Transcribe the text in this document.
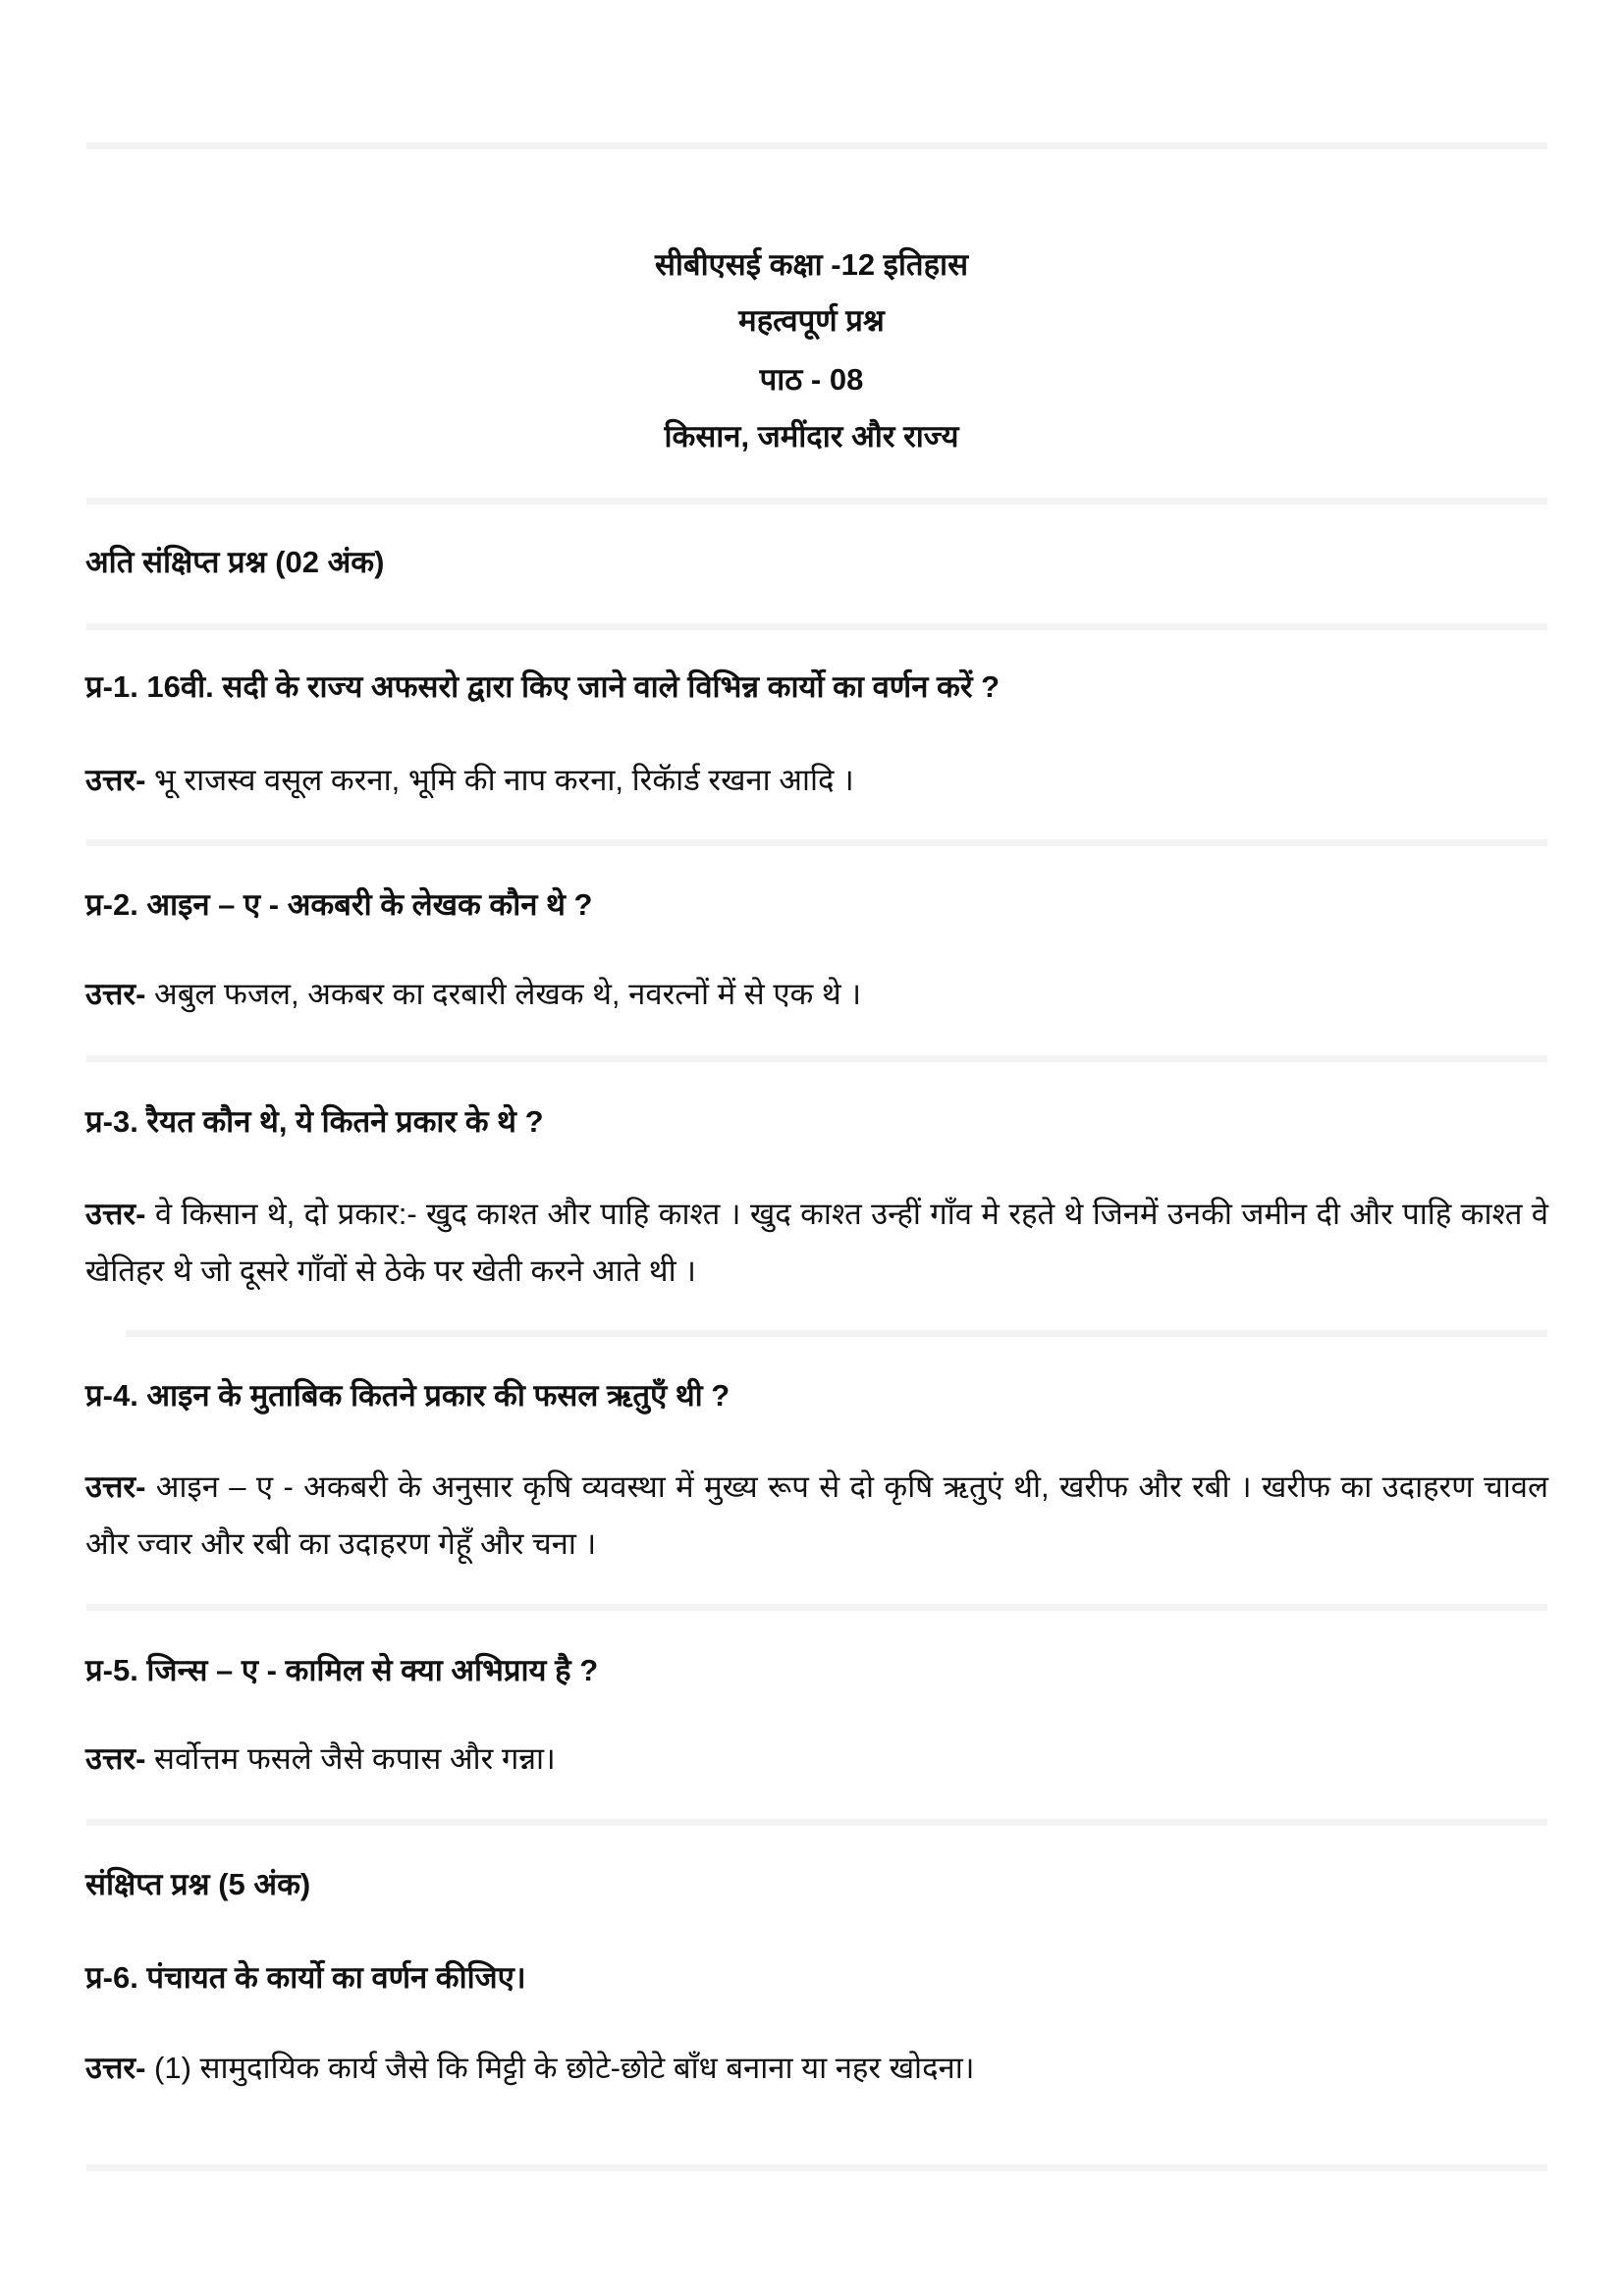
सीबीएसई कक्षा -12 इतिहास
महत्वपूर्ण प्रश्न
पाठ - 08
किसान, जमींदार और राज्य
अति संक्षिप्त प्रश्न (02 अंक)
प्र-1. 16वी. सदी के राज्य अफसरो द्वारा किए जाने वाले विभिन्न कार्यो का वर्णन करें ?
उत्तर- भू राजस्व वसूल करना, भूमि की नाप करना, रिकॅार्ड रखना आदि ।
प्र-2. आइन – ए - अकबरी के लेखक कौन थे ?
उत्तर- अबुल फजल, अकबर का दरबारी लेखक थे, नवरत्नों में से एक थे ।
प्र-3. रैयत कौन थे, ये कितने प्रकार के थे ?
उत्तर- वे किसान थे, दो प्रकार:- खुद काश्त और पाहि काश्त । खुद काश्त उन्हीं गाँव मे रहते थे जिनमें उनकी जमीन दी और पाहि काश्त वे खेतिहर थे जो दूसरे गाँवों से ठेके पर खेती करने आते थी ।
प्र-4. आइन के मुताबिक कितने प्रकार की फसल ऋतुएँ थी ?
उत्तर- आइन – ए - अकबरी के अनुसार कृषि व्यवस्था में मुख्य रूप से दो कृषि ऋतुएं थी, खरीफ और रबी । खरीफ का उदाहरण चावल और ज्वार और रबी का उदाहरण गेहूँ और चना ।
प्र-5. जिन्स – ए - कामिल से क्या अभिप्राय है ?
उत्तर- सर्वोत्तम फसले जैसे कपास और गन्ना।
संक्षिप्त प्रश्न (5 अंक)
प्र-6. पंचायत के कार्यो का वर्णन कीजिए।
उत्तर- (1) सामुदायिक कार्य जैसे कि मिट्टी के छोटे-छोटे बाँध बनाना या नहर खोदना।
